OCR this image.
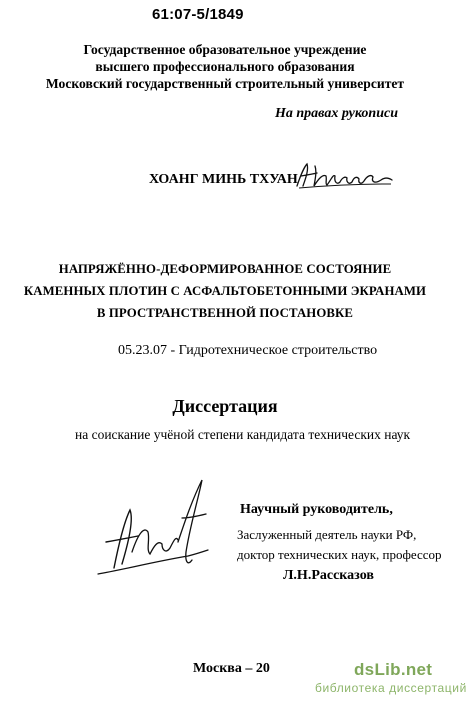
61:07-5/1849
Государственное образовательное учреждение
высшего профессионального образования
Московский государственный строительный университет
На правах рукописи
ХОАНГ МИНЬ ТХУАН
НАПРЯЖЁННО-ДЕФОРМИРОВАННОЕ СОСТОЯНИЕ
КАМЕННЫХ ПЛОТИН С АСФАЛЬТОБЕТОННЫМИ ЭКРАНАМИ
В ПРОСТРАНСТВЕННОЙ ПОСТАНОВКЕ
05.23.07 - Гидротехническое строительство
Диссертация
на соискание учёной степени кандидата технических наук
Научный руководитель,
Заслуженный деятель науки РФ,
доктор технических наук, профессор
Л.Н.Рассказов
Москва – 20	dsLib.net
библиотека диссертаций
